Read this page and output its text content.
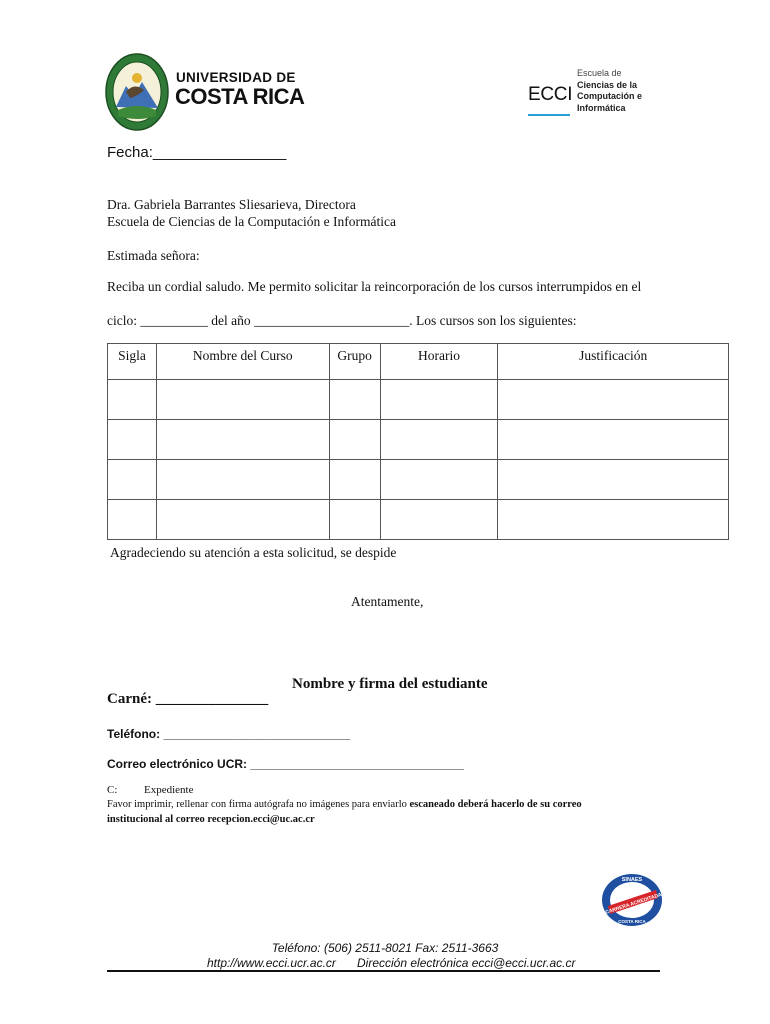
UNIVERSIDAD DE
COSTA RICA	ECCI
Escuela de
Ciencias de la
Computación e
Informática
Fecha:________________
Dra. Gabriela Barrantes Sliesarieva, Directora
Escuela de Ciencias de la Computación e Informática
Estimada señora:
Reciba un cordial saludo. Me permito solicitar la reincorporación de los cursos interrumpidos en el
ciclo: __________ del año _______________________. Los cursos son los siguientes:
Sigla	Nombre del Curso	Grupo	Horario	Justificación

Agradeciendo su atención a esta solicitud, se despide
Atentamente,
Nombre y firma del estudiante
Carné: _______________
Teléfono: ____________________________
Correo electrónico UCR: ________________________________
C: Expediente
Favor imprimir, rellenar con firma autógrafa no imágenes para enviarlo escaneado deberá hacerlo de su correo
institucional al correo recepcion.ecci@uc.ac.cr
SINAES
CARRERA ACREDITADA
COSTA RICA
Teléfono: (506) 2511-8021 Fax: 2511-3663
http://www.ecci.ucr.ac.cr Dirección electrónica ecci@ecci.ucr.ac.cr
